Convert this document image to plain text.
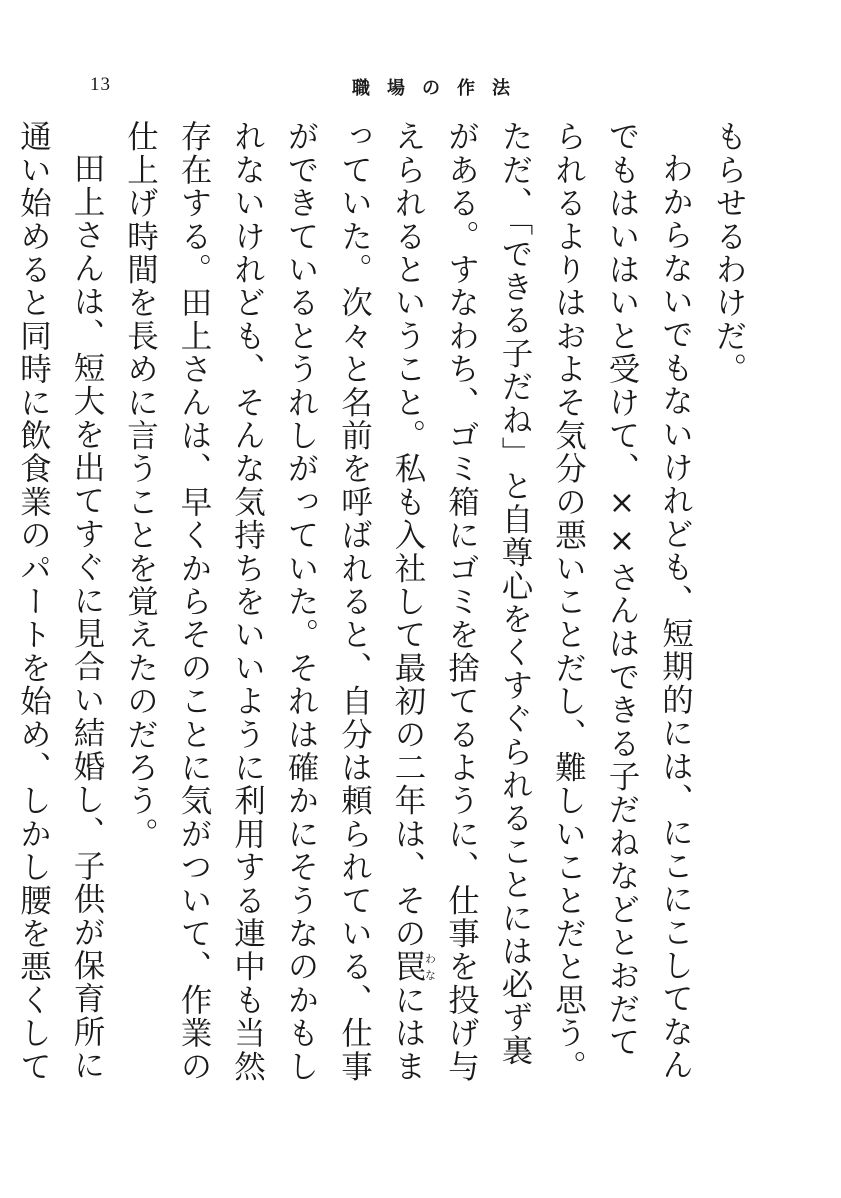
13	職場の作法

もらせるわけだ。

わからないでもないけれども、短期的には、にこにこしてなんでもはいはいと受けて、××さんはできる子だねなどとおだてられるよりはおよそ気分の悪いことだし、難しいことだと思う。ただ、「できる子だね」と自尊心をくすぐられることには必ず裏がある。すなわち、ゴミ箱にゴミを捨てるように、仕事を投げ与えられるということ。私も入社して最初の二年は、その罠わなにはまっていた。次々と名前を呼ばれると、自分は頼られている、仕事ができているとうれしがっていた。それは確かにそうなのかもしれないけれども、そんな気持ちをいいように利用する連中も当然存在する。田上さんは、早くからそのことに気がついて、作業の仕上げ時間を長めに言うことを覚えたのだろう。

田上さんは、短大を出てすぐに見合い結婚し、子供が保育所に通い始めると同時に飲食業のパートを始め、しかし腰を悪くして
